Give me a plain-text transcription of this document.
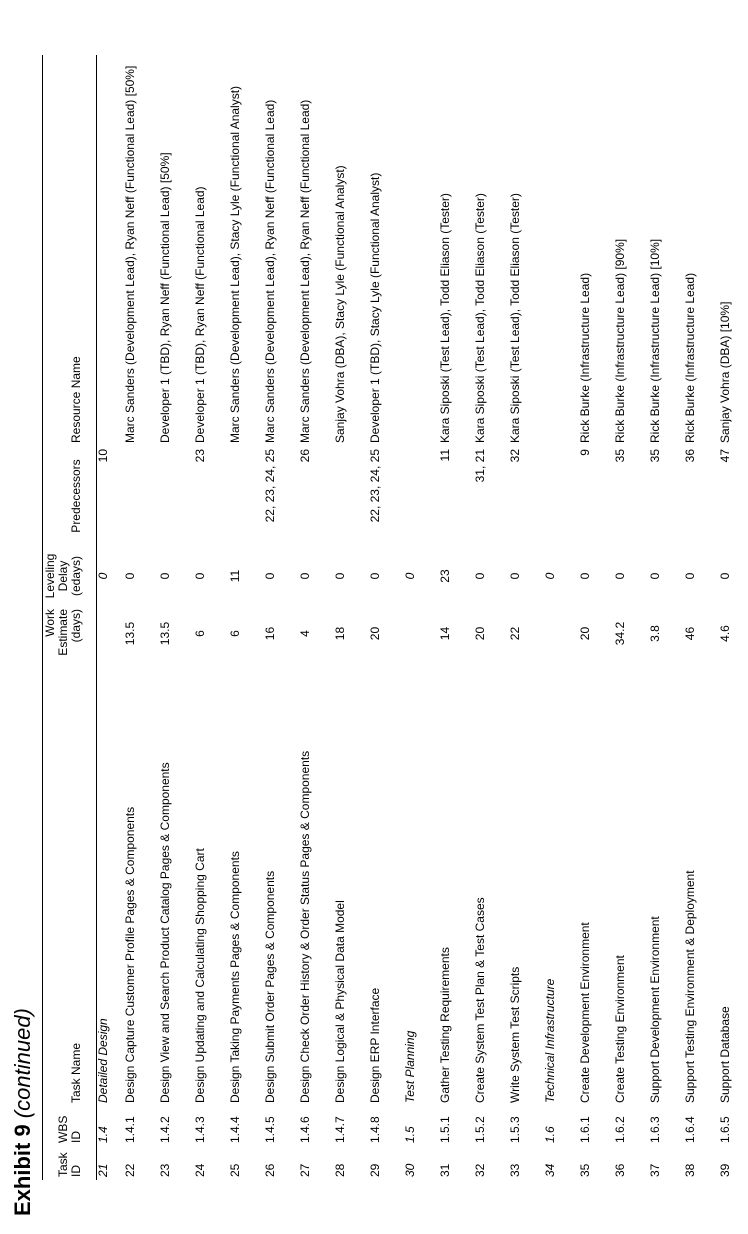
Exhibit 9 (continued)
Task ID	WBS ID	Task Name	Work Estimate (days)	Leveling Delay (edays)	Predecessors	Resource Name
21	1.4	Detailed Design		0	10	
22	1.4.1	Design Capture Customer Profile Pages & Components	13.5	0		Marc Sanders (Development Lead), Ryan Neff (Functional Lead) [50%]
23	1.4.2	Design View and Search Product Catalog Pages & Components	13.5	0		Developer 1 (TBD), Ryan Neff (Functional Lead) [50%]
24	1.4.3	Design Updating and Calculating Shopping Cart	6	0	23	Developer 1 (TBD), Ryan Neff (Functional Lead)
25	1.4.4	Design Taking Payments Pages & Components	6	11		Marc Sanders (Development Lead), Stacy Lyle (Functional Analyst)
26	1.4.5	Design Submit Order Pages & Components	16	0	22, 23, 24, 25	Marc Sanders (Development Lead), Ryan Neff (Functional Lead)
27	1.4.6	Design Check Order History & Order Status Pages & Components	4	0	26	Marc Sanders (Development Lead), Ryan Neff (Functional Lead)
28	1.4.7	Design Logical & Physical Data Model	18	0		Sanjay Vohra (DBA), Stacy Lyle (Functional Analyst)
29	1.4.8	Design ERP Interface	20	0	22, 23, 24, 25	Developer 1 (TBD), Stacy Lyle (Functional Analyst)
30	1.5	Test Planning		0		
31	1.5.1	Gather Testing Requirements	14	23	11	Kara Siposki (Test Lead), Todd Eliason (Tester)
32	1.5.2	Create System Test Plan & Test Cases	20	0	31, 21	Kara Siposki (Test Lead), Todd Eliason (Tester)
33	1.5.3	Write System Test Scripts	22	0	32	Kara Siposki (Test Lead), Todd Eliason (Tester)
34	1.6	Technical Infrastructure		0		
35	1.6.1	Create Development Environment	20	0	9	Rick Burke (Infrastructure Lead)
36	1.6.2	Create Testing Environment	34.2	0	35	Rick Burke (Infrastructure Lead) [90%]
37	1.6.3	Support Development Environment	3.8	0	35	Rick Burke (Infrastructure Lead) [10%]
38	1.6.4	Support Testing Environment & Deployment	46	0	36	Rick Burke (Infrastructure Lead)
39	1.6.5	Support Database	4.6	0	47	Sanjay Vohra (DBA) [10%]
